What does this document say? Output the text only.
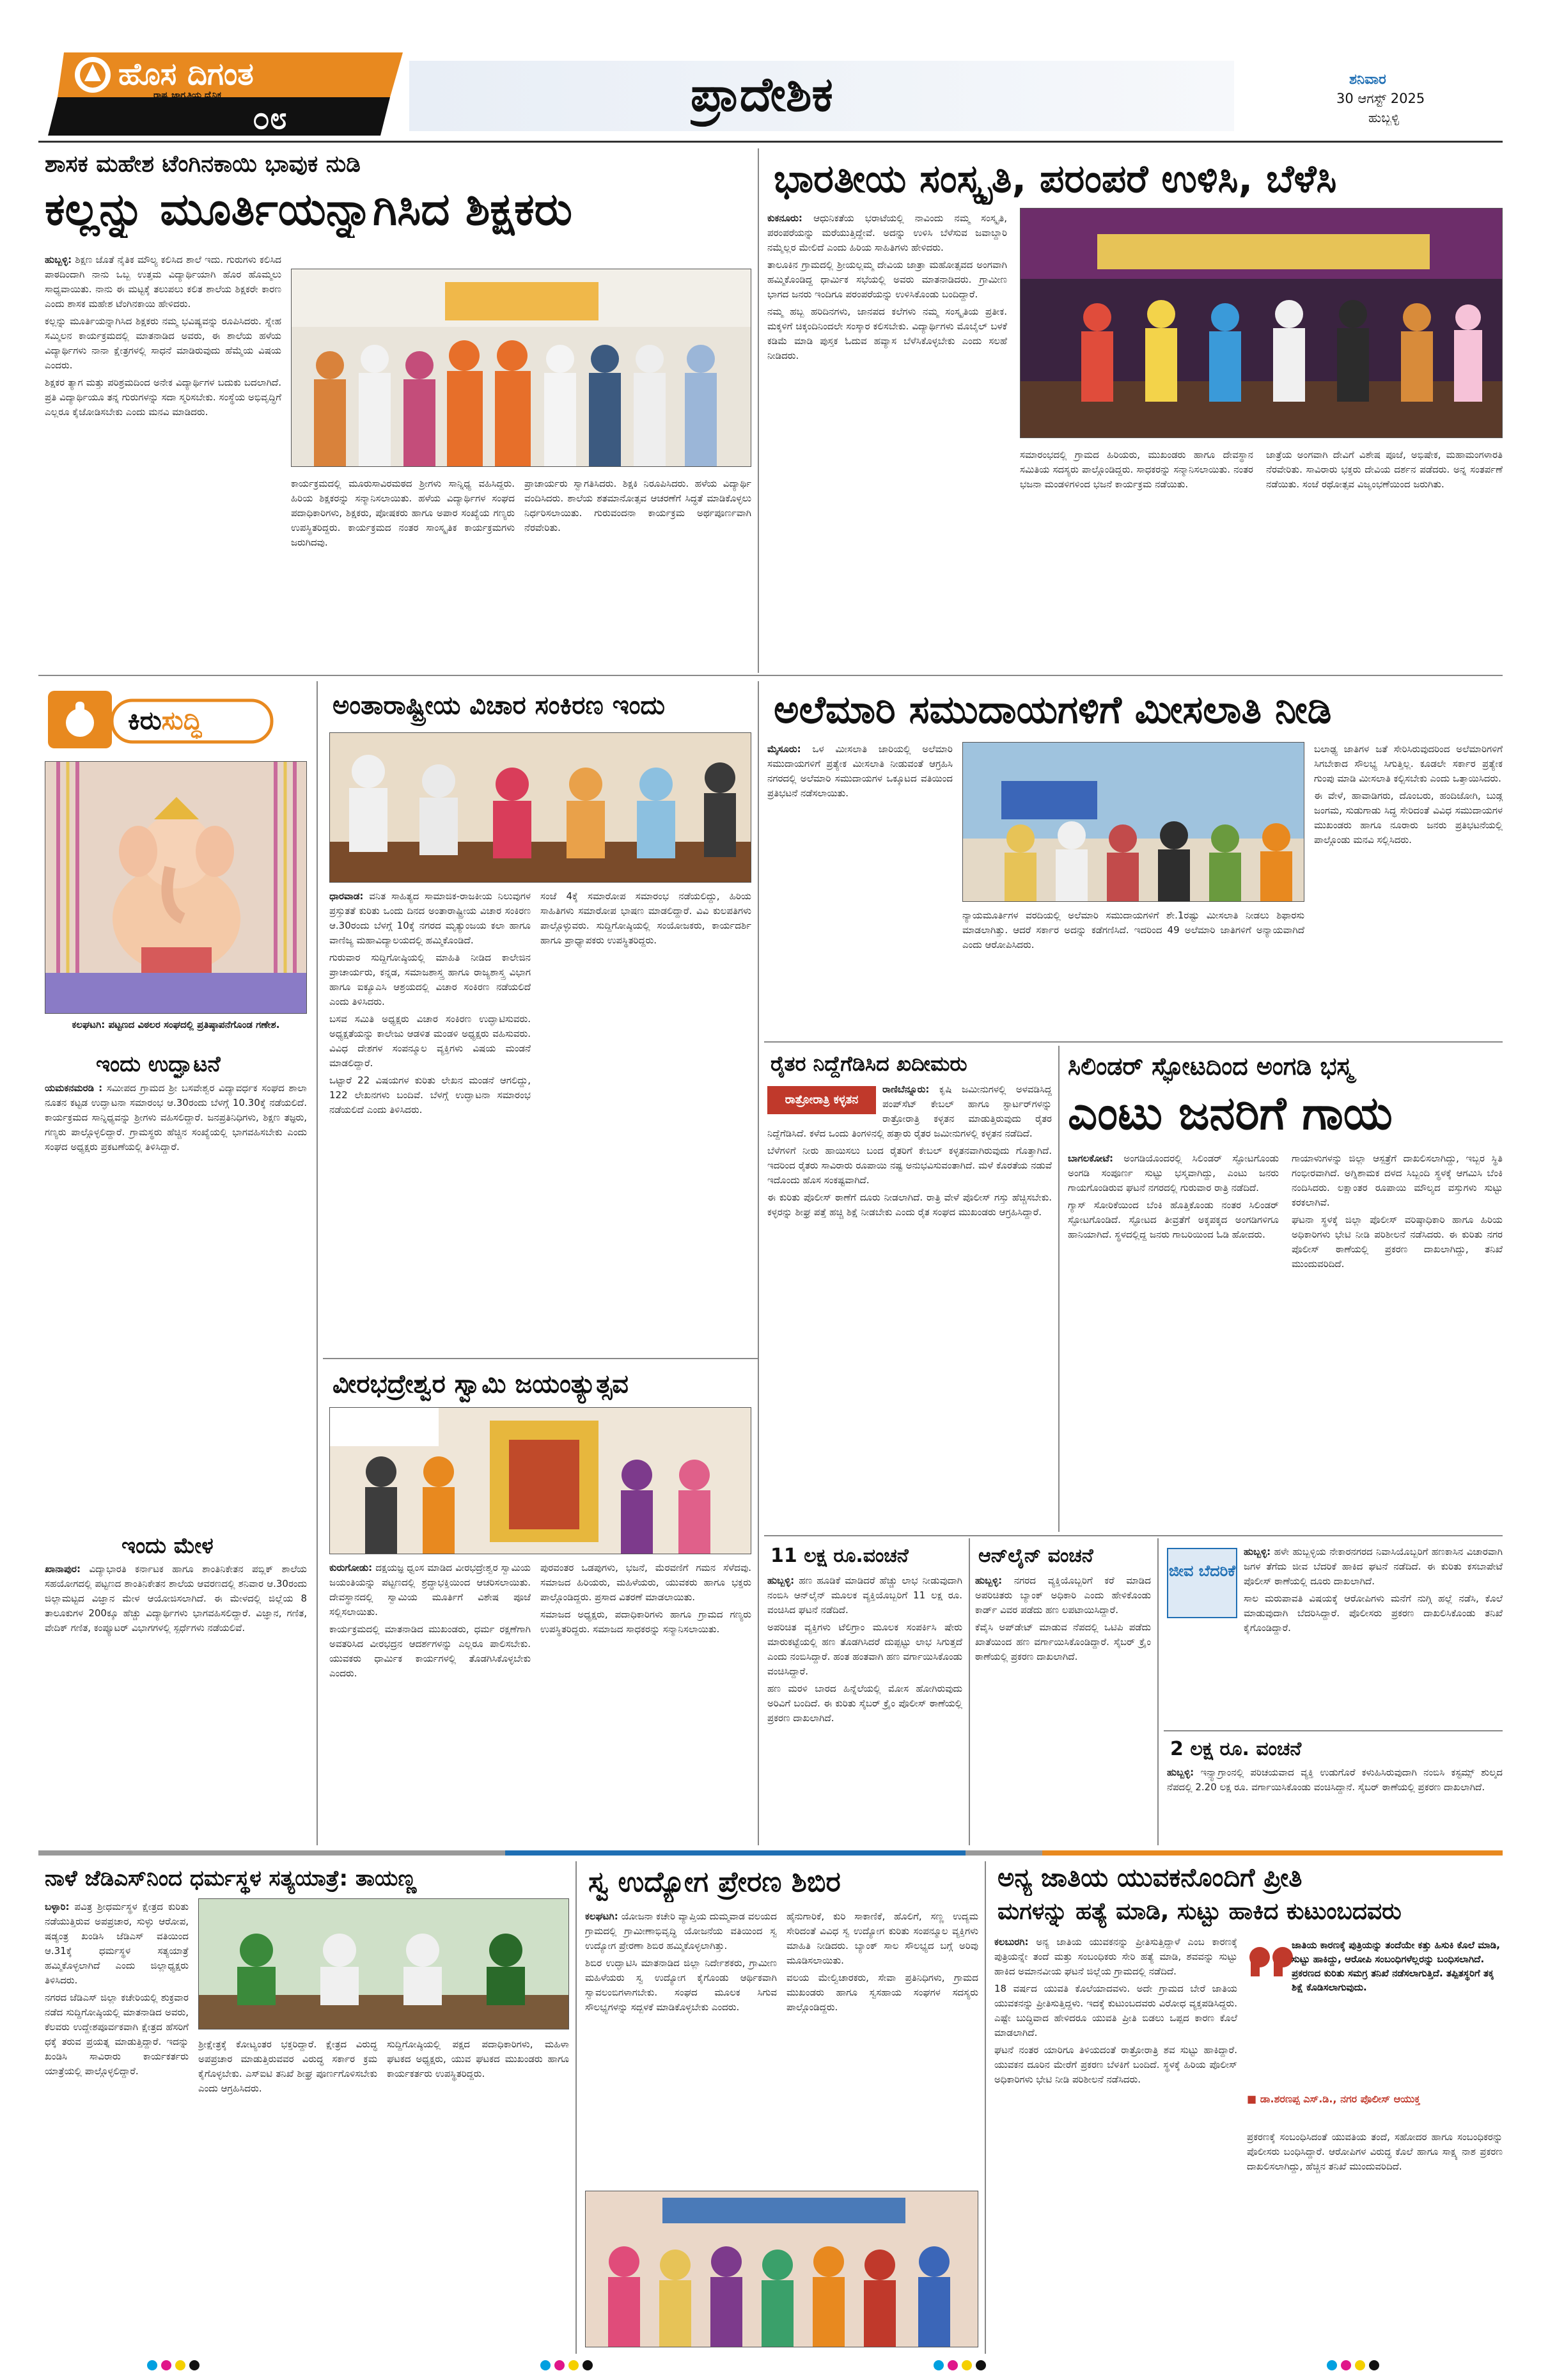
ಹೊಸ ದಿಗಂತ
ರಾಷ್ಟ್ರ ಜಾಗೃತಿಯ ದೈನಿಕ
೦೮	ಪ್ರಾದೇಶಿಕ	ಶನಿವಾರ
30 ಆಗಸ್ಟ್ 2025
ಹುಬ್ಬಳ್ಳಿ
ಶಾಸಕ ಮಹೇಶ ಟೆಂಗಿನಕಾಯಿ ಭಾವುಕ ನುಡಿ
ಕಲ್ಲನ್ನು ಮೂರ್ತಿಯನ್ನಾಗಿಸಿದ ಶಿಕ್ಷಕರು

ಹುಬ್ಬಳ್ಳಿ: ಶಿಕ್ಷಣ ಜೊತೆ ನೈತಿಕ ಮೌಲ್ಯ ಕಲಿಸಿದ ಶಾಲೆ ಇದು. ಗುರುಗಳು ಕಲಿಸಿದ ಪಾಠದಿಂದಾಗಿ ನಾನು ಒಬ್ಬ ಉತ್ತಮ ವಿದ್ಯಾರ್ಥಿಯಾಗಿ ಹೊರ ಹೊಮ್ಮಲು ಸಾಧ್ಯವಾಯಿತು. ನಾನು ಈ ಮಟ್ಟಕ್ಕೆ ತಲುಪಲು ಕಲಿತ ಶಾಲೆಯ ಶಿಕ್ಷಕರೇ ಕಾರಣ ಎಂದು ಶಾಸಕ ಮಹೇಶ ಟೆಂಗಿನಕಾಯಿ ಹೇಳಿದರು.

ಕಲ್ಲನ್ನು ಮೂರ್ತಿಯನ್ನಾಗಿಸಿದ ಶಿಕ್ಷಕರು ನಮ್ಮ ಭವಿಷ್ಯವನ್ನು ರೂಪಿಸಿದರು. ಸ್ನೇಹ ಸಮ್ಮಿಲನ ಕಾರ್ಯಕ್ರಮದಲ್ಲಿ ಮಾತನಾಡಿದ ಅವರು, ಈ ಶಾಲೆಯ ಹಳೆಯ ವಿದ್ಯಾರ್ಥಿಗಳು ನಾನಾ ಕ್ಷೇತ್ರಗಳಲ್ಲಿ ಸಾಧನೆ ಮಾಡಿರುವುದು ಹೆಮ್ಮೆಯ ವಿಷಯ ಎಂದರು.

ಶಿಕ್ಷಕರ ತ್ಯಾಗ ಮತ್ತು ಪರಿಶ್ರಮದಿಂದ ಅನೇಕ ವಿದ್ಯಾರ್ಥಿಗಳ ಬದುಕು ಬದಲಾಗಿದೆ. ಪ್ರತಿ ವಿದ್ಯಾರ್ಥಿಯೂ ತನ್ನ ಗುರುಗಳನ್ನು ಸದಾ ಸ್ಮರಿಸಬೇಕು. ಸಂಸ್ಥೆಯ ಅಭಿವೃದ್ಧಿಗೆ ಎಲ್ಲರೂ ಕೈಜೋಡಿಸಬೇಕು ಎಂದು ಮನವಿ ಮಾಡಿದರು.

ಕಾರ್ಯಕ್ರಮದಲ್ಲಿ ಮೂರುಸಾವಿರಮಠದ ಶ್ರೀಗಳು ಸಾನ್ನಿಧ್ಯ ವಹಿಸಿದ್ದರು. ಹಿರಿಯ ಶಿಕ್ಷಕರನ್ನು ಸನ್ಮಾನಿಸಲಾಯಿತು. ಹಳೆಯ ವಿದ್ಯಾರ್ಥಿಗಳ ಸಂಘದ ಪದಾಧಿಕಾರಿಗಳು, ಶಿಕ್ಷಕರು, ಪೋಷಕರು ಹಾಗೂ ಅಪಾರ ಸಂಖ್ಯೆಯ ಗಣ್ಯರು ಉಪಸ್ಥಿತರಿದ್ದರು. ಕಾರ್ಯಕ್ರಮದ ನಂತರ ಸಾಂಸ್ಕೃತಿಕ ಕಾರ್ಯಕ್ರಮಗಳು ಜರುಗಿದವು.

ಪ್ರಾಚಾರ್ಯರು ಸ್ವಾಗತಿಸಿದರು. ಶಿಕ್ಷಕಿ ನಿರೂಪಿಸಿದರು. ಹಳೆಯ ವಿದ್ಯಾರ್ಥಿ ವಂದಿಸಿದರು. ಶಾಲೆಯ ಶತಮಾನೋತ್ಸವ ಆಚರಣೆಗೆ ಸಿದ್ಧತೆ ಮಾಡಿಕೊಳ್ಳಲು ನಿರ್ಧರಿಸಲಾಯಿತು. ಗುರುವಂದನಾ ಕಾರ್ಯಕ್ರಮ ಅರ್ಥಪೂರ್ಣವಾಗಿ ನೆರವೇರಿತು.

ಭಾರತೀಯ ಸಂಸ್ಕೃತಿ, ಪರಂಪರೆ ಉಳಿಸಿ, ಬೆಳೆಸಿ

ಕುಕನೂರು: ಆಧುನಿಕತೆಯ ಭರಾಟೆಯಲ್ಲಿ ನಾವಿಂದು ನಮ್ಮ ಸಂಸ್ಕೃತಿ, ಪರಂಪರೆಯನ್ನು ಮರೆಯುತ್ತಿದ್ದೇವೆ. ಅದನ್ನು ಉಳಿಸಿ ಬೆಳೆಸುವ ಜವಾಬ್ದಾರಿ ನಮ್ಮೆಲ್ಲರ ಮೇಲಿದೆ ಎಂದು ಹಿರಿಯ ಸಾಹಿತಿಗಳು ಹೇಳಿದರು.

ತಾಲೂಕಿನ ಗ್ರಾಮದಲ್ಲಿ ಶ್ರೀಯಲ್ಲಮ್ಮ ದೇವಿಯ ಜಾತ್ರಾ ಮಹೋತ್ಸವದ ಅಂಗವಾಗಿ ಹಮ್ಮಿಕೊಂಡಿದ್ದ ಧಾರ್ಮಿಕ ಸಭೆಯಲ್ಲಿ ಅವರು ಮಾತನಾಡಿದರು. ಗ್ರಾಮೀಣ ಭಾಗದ ಜನರು ಇಂದಿಗೂ ಪರಂಪರೆಯನ್ನು ಉಳಿಸಿಕೊಂಡು ಬಂದಿದ್ದಾರೆ.

ನಮ್ಮ ಹಬ್ಬ ಹರಿದಿನಗಳು, ಜಾನಪದ ಕಲೆಗಳು ನಮ್ಮ ಸಂಸ್ಕೃತಿಯ ಪ್ರತೀಕ. ಮಕ್ಕಳಿಗೆ ಚಿಕ್ಕಂದಿನಿಂದಲೇ ಸಂಸ್ಕಾರ ಕಲಿಸಬೇಕು. ವಿದ್ಯಾರ್ಥಿಗಳು ಮೊಬೈಲ್ ಬಳಕೆ ಕಡಿಮೆ ಮಾಡಿ ಪುಸ್ತಕ ಓದುವ ಹವ್ಯಾಸ ಬೆಳೆಸಿಕೊಳ್ಳಬೇಕು ಎಂದು ಸಲಹೆ ನೀಡಿದರು.

ಸಮಾರಂಭದಲ್ಲಿ ಗ್ರಾಮದ ಹಿರಿಯರು, ಮುಖಂಡರು ಹಾಗೂ ದೇವಸ್ಥಾನ ಸಮಿತಿಯ ಸದಸ್ಯರು ಪಾಲ್ಗೊಂಡಿದ್ದರು. ಸಾಧಕರನ್ನು ಸನ್ಮಾನಿಸಲಾಯಿತು. ನಂತರ ಭಜನಾ ಮಂಡಳಿಗಳಿಂದ ಭಜನೆ ಕಾರ್ಯಕ್ರಮ ನಡೆಯಿತು.

ಜಾತ್ರೆಯ ಅಂಗವಾಗಿ ದೇವಿಗೆ ವಿಶೇಷ ಪೂಜೆ, ಅಭಿಷೇಕ, ಮಹಾಮಂಗಳಾರತಿ ನೆರವೇರಿತು. ಸಾವಿರಾರು ಭಕ್ತರು ದೇವಿಯ ದರ್ಶನ ಪಡೆದರು. ಅನ್ನ ಸಂತರ್ಪಣೆ ನಡೆಯಿತು. ಸಂಜೆ ರಥೋತ್ಸವ ವಿಜೃಂಭಣೆಯಿಂದ ಜರುಗಿತು.

ಕಿರುಸುದ್ಧಿ
ಕಲಘಟಗಿ: ಪಟ್ಟಣದ ವಿಠಲರ ಸಂಘದಲ್ಲಿ ಪ್ರತಿಷ್ಠಾಪನೆಗೊಂಡ ಗಣೇಶ.
ಇಂದು ಉದ್ಘಾಟನೆ

ಯಮಕನಮರಡಿ : ಸಮೀಪದ ಗ್ರಾಮದ ಶ್ರೀ ಬಸವೇಶ್ವರ ವಿದ್ಯಾವರ್ಧಕ ಸಂಘದ ಶಾಲಾ ನೂತನ ಕಟ್ಟಡ ಉದ್ಘಾಟನಾ ಸಮಾರಂಭ ಆ.30ರಂದು ಬೆಳಗ್ಗೆ 10.30ಕ್ಕೆ ನಡೆಯಲಿದೆ. ಕಾರ್ಯಕ್ರಮದ ಸಾನ್ನಿಧ್ಯವನ್ನು ಶ್ರೀಗಳು ವಹಿಸಲಿದ್ದಾರೆ. ಜನಪ್ರತಿನಿಧಿಗಳು, ಶಿಕ್ಷಣ ತಜ್ಞರು, ಗಣ್ಯರು ಪಾಲ್ಗೊಳ್ಳಲಿದ್ದಾರೆ. ಗ್ರಾಮಸ್ಥರು ಹೆಚ್ಚಿನ ಸಂಖ್ಯೆಯಲ್ಲಿ ಭಾಗವಹಿಸಬೇಕು ಎಂದು ಸಂಘದ ಅಧ್ಯಕ್ಷರು ಪ್ರಕಟಣೆಯಲ್ಲಿ ತಿಳಿಸಿದ್ದಾರೆ.

ಇಂದು ಮೇಳ

ಖಾನಾಪುರ: ವಿದ್ಯಾಭಾರತಿ ಕರ್ನಾಟಕ ಹಾಗೂ ಶಾಂತಿನಿಕೇತನ ಪಬ್ಲಿಕ್ ಶಾಲೆಯ ಸಹಯೋಗದಲ್ಲಿ ಪಟ್ಟಣದ ಶಾಂತಿನಿಕೇತನ ಶಾಲೆಯ ಆವರಣದಲ್ಲಿ ಶನಿವಾರ ಆ.30ರಂದು ಜಿಲ್ಲಾಮಟ್ಟದ ವಿಜ್ಞಾನ ಮೇಳ ಆಯೋಜಿಸಲಾಗಿದೆ. ಈ ಮೇಳದಲ್ಲಿ ಜಿಲ್ಲೆಯ 8 ತಾಲೂಕುಗಳ 200ಕ್ಕೂ ಹೆಚ್ಚು ವಿದ್ಯಾರ್ಥಿಗಳು ಭಾಗವಹಿಸಲಿದ್ದಾರೆ. ವಿಜ್ಞಾನ, ಗಣಿತ, ವೇದಿಕ್ ಗಣಿತ, ಕಂಪ್ಯೂಟರ್ ವಿಭಾಗಗಳಲ್ಲಿ ಸ್ಪರ್ಧೆಗಳು ನಡೆಯಲಿವೆ.

ಅಂತಾರಾಷ್ಟ್ರೀಯ ವಿಚಾರ ಸಂಕಿರಣ ಇಂದು

ಧಾರವಾಡ: ವನಿತ ಸಾಹಿತ್ಯದ ಸಾಮಾಜಿಕ-ರಾಜಕೀಯ ನಿಲುವುಗಳ ಪ್ರಸ್ತುತತೆ ಕುರಿತು ಒಂದು ದಿನದ ಅಂತಾರಾಷ್ಟ್ರೀಯ ವಿಚಾರ ಸಂಕಿರಣ ಆ.30ರಂದು ಬೆಳಗ್ಗೆ 10ಕ್ಕೆ ನಗರದ ಮೃತ್ಯುಂಜಯ ಕಲಾ ಹಾಗೂ ವಾಣಿಜ್ಯ ಮಹಾವಿದ್ಯಾಲಯದಲ್ಲಿ ಹಮ್ಮಿಕೊಂಡಿದೆ.

ಗುರುವಾರ ಸುದ್ದಿಗೋಷ್ಠಿಯಲ್ಲಿ ಮಾಹಿತಿ ನೀಡಿದ ಕಾಲೇಜಿನ ಪ್ರಾಚಾರ್ಯರು, ಕನ್ನಡ, ಸಮಾಜಶಾಸ್ತ್ರ ಹಾಗೂ ರಾಜ್ಯಶಾಸ್ತ್ರ ವಿಭಾಗ ಹಾಗೂ ಐಕ್ಯೂಎಸಿ ಆಶ್ರಯದಲ್ಲಿ ವಿಚಾರ ಸಂಕಿರಣ ನಡೆಯಲಿದೆ ಎಂದು ತಿಳಿಸಿದರು.

ಬಸವ ಸಮಿತಿ ಅಧ್ಯಕ್ಷರು ವಿಚಾರ ಸಂಕಿರಣ ಉದ್ಘಾಟಿಸುವರು. ಅಧ್ಯಕ್ಷತೆಯನ್ನು ಕಾಲೇಜು ಆಡಳಿತ ಮಂಡಳಿ ಅಧ್ಯಕ್ಷರು ವಹಿಸುವರು. ವಿವಿಧ ದೇಶಗಳ ಸಂಪನ್ಮೂಲ ವ್ಯಕ್ತಿಗಳು ವಿಷಯ ಮಂಡನೆ ಮಾಡಲಿದ್ದಾರೆ.

ಒಟ್ಟಾರೆ 22 ವಿಷಯಗಳ ಕುರಿತು ಲೇಖನ ಮಂಡನೆ ಆಗಲಿದ್ದು, 122 ಲೇಖನಗಳು ಬಂದಿವೆ. ಬೆಳಗ್ಗೆ ಉದ್ಘಾಟನಾ ಸಮಾರಂಭ ನಡೆಯಲಿದೆ ಎಂದು ತಿಳಿಸಿದರು.

ಸಂಜೆ 4ಕ್ಕೆ ಸಮಾರೋಪ ಸಮಾರಂಭ ನಡೆಯಲಿದ್ದು, ಹಿರಿಯ ಸಾಹಿತಿಗಳು ಸಮಾರೋಪ ಭಾಷಣ ಮಾಡಲಿದ್ದಾರೆ. ವಿವಿ ಕುಲಪತಿಗಳು ಪಾಲ್ಗೊಳ್ಳುವರು. ಸುದ್ದಿಗೋಷ್ಠಿಯಲ್ಲಿ ಸಂಯೋಜಕರು, ಕಾರ್ಯದರ್ಶಿ ಹಾಗೂ ಪ್ರಾಧ್ಯಾಪಕರು ಉಪಸ್ಥಿತರಿದ್ದರು.

ವೀರಭದ್ರೇಶ್ವರ ಸ್ವಾಮಿ ಜಯಂತ್ಯುತ್ಸವ

ಕುರುಗೋಡು: ದಕ್ಷಯಜ್ಞ ಧ್ವಂಸ ಮಾಡಿದ ವೀರಭದ್ರೇಶ್ವರ ಸ್ವಾಮಿಯ ಜಯಂತಿಯನ್ನು ಪಟ್ಟಣದಲ್ಲಿ ಶ್ರದ್ಧಾಭಕ್ತಿಯಿಂದ ಆಚರಿಸಲಾಯಿತು. ದೇವಸ್ಥಾನದಲ್ಲಿ ಸ್ವಾಮಿಯ ಮೂರ್ತಿಗೆ ವಿಶೇಷ ಪೂಜೆ ಸಲ್ಲಿಸಲಾಯಿತು.

ಕಾರ್ಯಕ್ರಮದಲ್ಲಿ ಮಾತನಾಡಿದ ಮುಖಂಡರು, ಧರ್ಮ ರಕ್ಷಣೆಗಾಗಿ ಅವತರಿಸಿದ ವೀರಭದ್ರನ ಆದರ್ಶಗಳನ್ನು ಎಲ್ಲರೂ ಪಾಲಿಸಬೇಕು. ಯುವಕರು ಧಾರ್ಮಿಕ ಕಾರ್ಯಗಳಲ್ಲಿ ತೊಡಗಿಸಿಕೊಳ್ಳಬೇಕು ಎಂದರು.

ಪುರವಂತರ ಒಡಪುಗಳು, ಭಜನೆ, ಮೆರವಣಿಗೆ ಗಮನ ಸೆಳೆದವು. ಸಮಾಜದ ಹಿರಿಯರು, ಮಹಿಳೆಯರು, ಯುವಕರು ಹಾಗೂ ಭಕ್ತರು ಪಾಲ್ಗೊಂಡಿದ್ದರು. ಪ್ರಸಾದ ವಿತರಣೆ ಮಾಡಲಾಯಿತು.

ಸಮಾಜದ ಅಧ್ಯಕ್ಷರು, ಪದಾಧಿಕಾರಿಗಳು ಹಾಗೂ ಗ್ರಾಮದ ಗಣ್ಯರು ಉಪಸ್ಥಿತರಿದ್ದರು. ಸಮಾಜದ ಸಾಧಕರನ್ನು ಸನ್ಮಾನಿಸಲಾಯಿತು.

ಅಲೆಮಾರಿ ಸಮುದಾಯಗಳಿಗೆ ಮೀಸಲಾತಿ ನೀಡಿ

ಮೈಸೂರು: ಒಳ ಮೀಸಲಾತಿ ಜಾರಿಯಲ್ಲಿ ಅಲೆಮಾರಿ ಸಮುದಾಯಗಳಿಗೆ ಪ್ರತ್ಯೇಕ ಮೀಸಲಾತಿ ನೀಡುವಂತೆ ಆಗ್ರಹಿಸಿ ನಗರದಲ್ಲಿ ಅಲೆಮಾರಿ ಸಮುದಾಯಗಳ ಒಕ್ಕೂಟದ ವತಿಯಿಂದ ಪ್ರತಿಭಟನೆ ನಡೆಸಲಾಯಿತು.

ನ್ಯಾಯಮೂರ್ತಿಗಳ ವರದಿಯಲ್ಲಿ ಅಲೆಮಾರಿ ಸಮುದಾಯಗಳಿಗೆ ಶೇ.1ರಷ್ಟು ಮೀಸಲಾತಿ ನೀಡಲು ಶಿಫಾರಸು ಮಾಡಲಾಗಿತ್ತು. ಆದರೆ ಸರ್ಕಾರ ಅದನ್ನು ಕಡೆಗಣಿಸಿದೆ. ಇದರಿಂದ 49 ಅಲೆಮಾರಿ ಜಾತಿಗಳಿಗೆ ಅನ್ಯಾಯವಾಗಿದೆ ಎಂದು ಆರೋಪಿಸಿದರು.

ಬಲಾಢ್ಯ ಜಾತಿಗಳ ಜತೆ ಸೇರಿಸಿರುವುದರಿಂದ ಅಲೆಮಾರಿಗಳಿಗೆ ಸಿಗಬೇಕಾದ ಸೌಲಭ್ಯ ಸಿಗುತ್ತಿಲ್ಲ. ಕೂಡಲೇ ಸರ್ಕಾರ ಪ್ರತ್ಯೇಕ ಗುಂಪು ಮಾಡಿ ಮೀಸಲಾತಿ ಕಲ್ಪಿಸಬೇಕು ಎಂದು ಒತ್ತಾಯಿಸಿದರು.

ಈ ವೇಳೆ, ಹಾವಾಡಿಗರು, ದೊಂಬರು, ಹಂದಿಜೋಗಿ, ಬುಡ್ಗ ಜಂಗಮ, ಸುಡುಗಾಡು ಸಿದ್ಧ ಸೇರಿದಂತೆ ವಿವಿಧ ಸಮುದಾಯಗಳ ಮುಖಂಡರು ಹಾಗೂ ನೂರಾರು ಜನರು ಪ್ರತಿಭಟನೆಯಲ್ಲಿ ಪಾಲ್ಗೊಂಡು ಮನವಿ ಸಲ್ಲಿಸಿದರು.

ರೈತರ ನಿದ್ದೆಗೆಡಿಸಿದ ಖದೀಮರು
ರಾತ್ರೋರಾತ್ರಿ ಕಳ್ಳತನ

ರಾಣಿಬೆನ್ನೂರು: ಕೃಷಿ ಜಮೀನುಗಳಲ್ಲಿ ಅಳವಡಿಸಿದ್ದ ಪಂಪ್‌ಸೆಟ್ ಕೇಬಲ್ ಹಾಗೂ ಸ್ಟಾರ್ಟರ್‌ಗಳನ್ನು ರಾತ್ರೋರಾತ್ರಿ ಕಳ್ಳತನ ಮಾಡುತ್ತಿರುವುದು ರೈತರ ನಿದ್ದೆಗೆಡಿಸಿದೆ. ಕಳೆದ ಒಂದು ತಿಂಗಳಿನಲ್ಲಿ ಹತ್ತಾರು ರೈತರ ಜಮೀನುಗಳಲ್ಲಿ ಕಳ್ಳತನ ನಡೆದಿದೆ.

ಬೆಳೆಗಳಿಗೆ ನೀರು ಹಾಯಿಸಲು ಬಂದ ರೈತರಿಗೆ ಕೇಬಲ್ ಕಳ್ಳತನವಾಗಿರುವುದು ಗೊತ್ತಾಗಿದೆ. ಇದರಿಂದ ರೈತರು ಸಾವಿರಾರು ರೂಪಾಯಿ ನಷ್ಟ ಅನುಭವಿಸುವಂತಾಗಿದೆ. ಮಳೆ ಕೊರತೆಯ ನಡುವೆ ಇದೊಂದು ಹೊಸ ಸಂಕಷ್ಟವಾಗಿದೆ.

ಈ ಕುರಿತು ಪೊಲೀಸ್ ಠಾಣೆಗೆ ದೂರು ನೀಡಲಾಗಿದೆ. ರಾತ್ರಿ ವೇಳೆ ಪೊಲೀಸ್ ಗಸ್ತು ಹೆಚ್ಚಿಸಬೇಕು. ಕಳ್ಳರನ್ನು ಶೀಘ್ರ ಪತ್ತೆ ಹಚ್ಚಿ ಶಿಕ್ಷೆ ನೀಡಬೇಕು ಎಂದು ರೈತ ಸಂಘದ ಮುಖಂಡರು ಆಗ್ರಹಿಸಿದ್ದಾರೆ.

ಸಿಲಿಂಡರ್ ಸ್ಫೋಟದಿಂದ ಅಂಗಡಿ ಭಸ್ಮ
ಎಂಟು ಜನರಿಗೆ ಗಾಯ

ಬಾಗಲಕೋಟೆ: ಅಂಗಡಿಯೊಂದರಲ್ಲಿ ಸಿಲಿಂಡರ್ ಸ್ಫೋಟಗೊಂಡು ಅಂಗಡಿ ಸಂಪೂರ್ಣ ಸುಟ್ಟು ಭಸ್ಮವಾಗಿದ್ದು, ಎಂಟು ಜನರು ಗಾಯಗೊಂಡಿರುವ ಘಟನೆ ನಗರದಲ್ಲಿ ಗುರುವಾರ ರಾತ್ರಿ ನಡೆದಿದೆ.

ಗ್ಯಾಸ್ ಸೋರಿಕೆಯಿಂದ ಬೆಂಕಿ ಹೊತ್ತಿಕೊಂಡು ನಂತರ ಸಿಲಿಂಡರ್ ಸ್ಫೋಟಗೊಂಡಿದೆ. ಸ್ಫೋಟದ ತೀವ್ರತೆಗೆ ಅಕ್ಕಪಕ್ಕದ ಅಂಗಡಿಗಳಿಗೂ ಹಾನಿಯಾಗಿದೆ. ಸ್ಥಳದಲ್ಲಿದ್ದ ಜನರು ಗಾಬರಿಯಿಂದ ಓಡಿ ಹೋದರು.

ಗಾಯಾಳುಗಳನ್ನು ಜಿಲ್ಲಾ ಆಸ್ಪತ್ರೆಗೆ ದಾಖಲಿಸಲಾಗಿದ್ದು, ಇಬ್ಬರ ಸ್ಥಿತಿ ಗಂಭೀರವಾಗಿದೆ. ಅಗ್ನಿಶಾಮಕ ದಳದ ಸಿಬ್ಬಂದಿ ಸ್ಥಳಕ್ಕೆ ಆಗಮಿಸಿ ಬೆಂಕಿ ನಂದಿಸಿದರು. ಲಕ್ಷಾಂತರ ರೂಪಾಯಿ ಮೌಲ್ಯದ ವಸ್ತುಗಳು ಸುಟ್ಟು ಕರಕಲಾಗಿವೆ.

ಘಟನಾ ಸ್ಥಳಕ್ಕೆ ಜಿಲ್ಲಾ ಪೊಲೀಸ್ ವರಿಷ್ಠಾಧಿಕಾರಿ ಹಾಗೂ ಹಿರಿಯ ಅಧಿಕಾರಿಗಳು ಭೇಟಿ ನೀಡಿ ಪರಿಶೀಲನೆ ನಡೆಸಿದರು. ಈ ಕುರಿತು ನಗರ ಪೊಲೀಸ್ ಠಾಣೆಯಲ್ಲಿ ಪ್ರಕರಣ ದಾಖಲಾಗಿದ್ದು, ತನಿಖೆ ಮುಂದುವರಿದಿದೆ.

11 ಲಕ್ಷ ರೂ.ವಂಚನೆ

ಹುಬ್ಬಳ್ಳಿ: ಹಣ ಹೂಡಿಕೆ ಮಾಡಿದರೆ ಹೆಚ್ಚು ಲಾಭ ನೀಡುವುದಾಗಿ ನಂಬಿಸಿ ಆನ್‌ಲೈನ್ ಮೂಲಕ ವ್ಯಕ್ತಿಯೊಬ್ಬರಿಗೆ 11 ಲಕ್ಷ ರೂ. ವಂಚಿಸಿದ ಘಟನೆ ನಡೆದಿದೆ.

ಅಪರಿಚಿತ ವ್ಯಕ್ತಿಗಳು ಟೆಲಿಗ್ರಾಂ ಮೂಲಕ ಸಂಪರ್ಕಿಸಿ ಷೇರು ಮಾರುಕಟ್ಟೆಯಲ್ಲಿ ಹಣ ತೊಡಗಿಸಿದರೆ ದುಪ್ಪಟ್ಟು ಲಾಭ ಸಿಗುತ್ತದೆ ಎಂದು ನಂಬಿಸಿದ್ದಾರೆ. ಹಂತ ಹಂತವಾಗಿ ಹಣ ವರ್ಗಾಯಿಸಿಕೊಂಡು ವಂಚಿಸಿದ್ದಾರೆ.

ಹಣ ಮರಳಿ ಬಾರದ ಹಿನ್ನೆಲೆಯಲ್ಲಿ ಮೋಸ ಹೋಗಿರುವುದು ಅರಿವಿಗೆ ಬಂದಿದೆ. ಈ ಕುರಿತು ಸೈಬರ್ ಕ್ರೈಂ ಪೊಲೀಸ್ ಠಾಣೆಯಲ್ಲಿ ಪ್ರಕರಣ ದಾಖಲಾಗಿದೆ.

ಆನ್‌ಲೈನ್ ವಂಚನೆ

ಹುಬ್ಬಳ್ಳಿ: ನಗರದ ವ್ಯಕ್ತಿಯೊಬ್ಬರಿಗೆ ಕರೆ ಮಾಡಿದ ಅಪರಿಚಿತರು ಬ್ಯಾಂಕ್ ಅಧಿಕಾರಿ ಎಂದು ಹೇಳಿಕೊಂಡು ಕಾರ್ಡ್ ವಿವರ ಪಡೆದು ಹಣ ಲಪಟಾಯಿಸಿದ್ದಾರೆ.

ಕೆವೈಸಿ ಅಪ್‌ಡೇಟ್ ಮಾಡುವ ನೆಪದಲ್ಲಿ ಒಟಿಪಿ ಪಡೆದು ಖಾತೆಯಿಂದ ಹಣ ವರ್ಗಾಯಿಸಿಕೊಂಡಿದ್ದಾರೆ. ಸೈಬರ್ ಕ್ರೈಂ ಠಾಣೆಯಲ್ಲಿ ಪ್ರಕರಣ ದಾಖಲಾಗಿದೆ.

ಜೀವ ಬೆದರಿಕೆ

ಹುಬ್ಬಳ್ಳಿ: ಹಳೇ ಹುಬ್ಬಳ್ಳಿಯ ನೇಕಾರನಗರದ ನಿವಾಸಿಯೊಬ್ಬರಿಗೆ ಹಣಕಾಸಿನ ವಿಚಾರವಾಗಿ ಜಗಳ ತೆಗೆದು ಜೀವ ಬೆದರಿಕೆ ಹಾಕಿದ ಘಟನೆ ನಡೆದಿದೆ. ಈ ಕುರಿತು ಕಸಬಾಪೇಟೆ ಪೊಲೀಸ್ ಠಾಣೆಯಲ್ಲಿ ದೂರು ದಾಖಲಾಗಿದೆ.

ಸಾಲ ಮರುಪಾವತಿ ವಿಷಯಕ್ಕೆ ಆರೋಪಿಗಳು ಮನೆಗೆ ನುಗ್ಗಿ ಹಲ್ಲೆ ನಡೆಸಿ, ಕೊಲೆ ಮಾಡುವುದಾಗಿ ಬೆದರಿಸಿದ್ದಾರೆ. ಪೊಲೀಸರು ಪ್ರಕರಣ ದಾಖಲಿಸಿಕೊಂಡು ತನಿಖೆ ಕೈಗೊಂಡಿದ್ದಾರೆ.

2 ಲಕ್ಷ ರೂ. ವಂಚನೆ

ಹುಬ್ಬಳ್ಳಿ: ಇನ್ಸ್ಟಾಗ್ರಾಂನಲ್ಲಿ ಪರಿಚಯವಾದ ವ್ಯಕ್ತಿ ಉಡುಗೊರೆ ಕಳುಹಿಸಿರುವುದಾಗಿ ನಂಬಿಸಿ ಕಸ್ಟಮ್ಸ್ ಶುಲ್ಕದ ನೆಪದಲ್ಲಿ 2.20 ಲಕ್ಷ ರೂ. ವರ್ಗಾಯಿಸಿಕೊಂಡು ವಂಚಿಸಿದ್ದಾನೆ. ಸೈಬರ್ ಠಾಣೆಯಲ್ಲಿ ಪ್ರಕರಣ ದಾಖಲಾಗಿದೆ.

ನಾಳೆ ಜೆಡಿಎಸ್‌ನಿಂದ ಧರ್ಮಸ್ಥಳ ಸತ್ಯಯಾತ್ರೆ: ತಾಯಣ್ಣ

ಬಳ್ಳಾರಿ: ಪವಿತ್ರ ಶ್ರೀಧರ್ಮಸ್ಥಳ ಕ್ಷೇತ್ರದ ಕುರಿತು ನಡೆಯುತ್ತಿರುವ ಅಪಪ್ರಚಾರ, ಸುಳ್ಳು ಆರೋಪ, ಷಡ್ಯಂತ್ರ ಖಂಡಿಸಿ ಜೆಡಿಎಸ್ ವತಿಯಿಂದ ಆ.31ಕ್ಕೆ ಧರ್ಮಸ್ಥಳ ಸತ್ಯಯಾತ್ರೆ ಹಮ್ಮಿಕೊಳ್ಳಲಾಗಿದೆ ಎಂದು ಜಿಲ್ಲಾಧ್ಯಕ್ಷರು ತಿಳಿಸಿದರು.

ನಗರದ ಜೆಡಿಎಸ್ ಜಿಲ್ಲಾ ಕಚೇರಿಯಲ್ಲಿ ಶುಕ್ರವಾರ ನಡೆದ ಸುದ್ದಿಗೋಷ್ಠಿಯಲ್ಲಿ ಮಾತನಾಡಿದ ಅವರು, ಕೆಲವರು ಉದ್ದೇಶಪೂರ್ವಕವಾಗಿ ಕ್ಷೇತ್ರದ ಹೆಸರಿಗೆ ಧಕ್ಕೆ ತರುವ ಪ್ರಯತ್ನ ಮಾಡುತ್ತಿದ್ದಾರೆ. ಇದನ್ನು ಖಂಡಿಸಿ ಸಾವಿರಾರು ಕಾರ್ಯಕರ್ತರು ಯಾತ್ರೆಯಲ್ಲಿ ಪಾಲ್ಗೊಳ್ಳಲಿದ್ದಾರೆ.

ಶ್ರೀಕ್ಷೇತ್ರಕ್ಕೆ ಕೋಟ್ಯಂತರ ಭಕ್ತರಿದ್ದಾರೆ. ಕ್ಷೇತ್ರದ ವಿರುದ್ಧ ಅಪಪ್ರಚಾರ ಮಾಡುತ್ತಿರುವವರ ವಿರುದ್ಧ ಸರ್ಕಾರ ಕ್ರಮ ಕೈಗೊಳ್ಳಬೇಕು. ಎಸ್‌ಐಟಿ ತನಿಖೆ ಶೀಘ್ರ ಪೂರ್ಣಗೊಳಿಸಬೇಕು ಎಂದು ಆಗ್ರಹಿಸಿದರು.

ಸುದ್ದಿಗೋಷ್ಠಿಯಲ್ಲಿ ಪಕ್ಷದ ಪದಾಧಿಕಾರಿಗಳು, ಮಹಿಳಾ ಘಟಕದ ಅಧ್ಯಕ್ಷರು, ಯುವ ಘಟಕದ ಮುಖಂಡರು ಹಾಗೂ ಕಾರ್ಯಕರ್ತರು ಉಪಸ್ಥಿತರಿದ್ದರು.

ಸ್ವ ಉದ್ಯೋಗ ಪ್ರೇರಣ ಶಿಬಿರ

ಕಲಘಟಗಿ: ಯೋಜನಾ ಕಚೇರಿ ವ್ಯಾಪ್ತಿಯ ದುಮ್ಮವಾಡ ವಲಯದ ಗ್ರಾಮದಲ್ಲಿ ಗ್ರಾಮೀಣಾಭಿವೃದ್ಧಿ ಯೋಜನೆಯ ವತಿಯಿಂದ ಸ್ವ ಉದ್ಯೋಗ ಪ್ರೇರಣಾ ಶಿಬಿರ ಹಮ್ಮಿಕೊಳ್ಳಲಾಗಿತ್ತು.

ಶಿಬಿರ ಉದ್ಘಾಟಿಸಿ ಮಾತನಾಡಿದ ಜಿಲ್ಲಾ ನಿರ್ದೇಶಕರು, ಗ್ರಾಮೀಣ ಮಹಿಳೆಯರು ಸ್ವ ಉದ್ಯೋಗ ಕೈಗೊಂಡು ಆರ್ಥಿಕವಾಗಿ ಸ್ವಾವಲಂಬಿಗಳಾಗಬೇಕು. ಸಂಘದ ಮೂಲಕ ಸಿಗುವ ಸೌಲಭ್ಯಗಳನ್ನು ಸದ್ಬಳಕೆ ಮಾಡಿಕೊಳ್ಳಬೇಕು ಎಂದರು.

ಹೈನುಗಾರಿಕೆ, ಕುರಿ ಸಾಕಾಣಿಕೆ, ಹೊಲಿಗೆ, ಸಣ್ಣ ಉದ್ಯಮ ಸೇರಿದಂತೆ ವಿವಿಧ ಸ್ವ ಉದ್ಯೋಗ ಕುರಿತು ಸಂಪನ್ಮೂಲ ವ್ಯಕ್ತಿಗಳು ಮಾಹಿತಿ ನೀಡಿದರು. ಬ್ಯಾಂಕ್ ಸಾಲ ಸೌಲಭ್ಯದ ಬಗ್ಗೆ ಅರಿವು ಮೂಡಿಸಲಾಯಿತು.

ವಲಯ ಮೇಲ್ವಿಚಾರಕರು, ಸೇವಾ ಪ್ರತಿನಿಧಿಗಳು, ಗ್ರಾಮದ ಮುಖಂಡರು ಹಾಗೂ ಸ್ವಸಹಾಯ ಸಂಘಗಳ ಸದಸ್ಯರು ಪಾಲ್ಗೊಂಡಿದ್ದರು.

ಅನ್ಯ ಜಾತಿಯ ಯುವಕನೊಂದಿಗೆ ಪ್ರೀತಿ
ಮಗಳನ್ನು ಹತ್ಯೆ ಮಾಡಿ, ಸುಟ್ಟು ಹಾಕಿದ ಕುಟುಂಬದವರು

ಕಲಬುರಗಿ: ಅನ್ಯ ಜಾತಿಯ ಯುವಕನನ್ನು ಪ್ರೀತಿಸುತ್ತಿದ್ದಾಳೆ ಎಂಬ ಕಾರಣಕ್ಕೆ ಪುತ್ರಿಯನ್ನೇ ತಂದೆ ಮತ್ತು ಸಂಬಂಧಿಕರು ಸೇರಿ ಹತ್ಯೆ ಮಾಡಿ, ಶವವನ್ನು ಸುಟ್ಟು ಹಾಕಿದ ಅಮಾನವೀಯ ಘಟನೆ ಜಿಲ್ಲೆಯ ಗ್ರಾಮದಲ್ಲಿ ನಡೆದಿದೆ.

18 ವರ್ಷದ ಯುವತಿ ಕೊಲೆಯಾದವಳು. ಅದೇ ಗ್ರಾಮದ ಬೇರೆ ಜಾತಿಯ ಯುವಕನನ್ನು ಪ್ರೀತಿಸುತ್ತಿದ್ದಳು. ಇದಕ್ಕೆ ಕುಟುಂಬದವರು ವಿರೋಧ ವ್ಯಕ್ತಪಡಿಸಿದ್ದರು. ಎಷ್ಟೇ ಬುದ್ಧಿವಾದ ಹೇಳಿದರೂ ಯುವತಿ ಪ್ರೀತಿ ಬಿಡಲು ಒಪ್ಪದ ಕಾರಣ ಕೊಲೆ ಮಾಡಲಾಗಿದೆ.

ಘಟನೆ ನಂತರ ಯಾರಿಗೂ ತಿಳಿಯದಂತೆ ರಾತ್ರೋರಾತ್ರಿ ಶವ ಸುಟ್ಟು ಹಾಕಿದ್ದಾರೆ. ಯುವಕನ ದೂರಿನ ಮೇರೆಗೆ ಪ್ರಕರಣ ಬೆಳಕಿಗೆ ಬಂದಿದೆ. ಸ್ಥಳಕ್ಕೆ ಹಿರಿಯ ಪೊಲೀಸ್ ಅಧಿಕಾರಿಗಳು ಭೇಟಿ ನೀಡಿ ಪರಿಶೀಲನೆ ನಡೆಸಿದರು.

ಜಾತಿಯ ಕಾರಣಕ್ಕೆ ಪುತ್ರಿಯನ್ನು ತಂದೆಯೇ ಕತ್ತು ಹಿಸುಕಿ ಕೊಲೆ ಮಾಡಿ, ಸುಟ್ಟು ಹಾಕಿದ್ದು, ಆರೋಪಿ ಸಂಬಂಧಿಗಳೆಲ್ಲರನ್ನು ಬಂಧಿಸಲಾಗಿದೆ. ಪ್ರಕರಣದ ಕುರಿತು ಸಮಗ್ರ ತನಿಖೆ ನಡೆಸಲಾಗುತ್ತಿದೆ. ತಪ್ಪಿತಸ್ಥರಿಗೆ ತಕ್ಕ ಶಿಕ್ಷೆ ಕೊಡಿಸಲಾಗುವುದು.
■ ಡಾ.ಶರಣಪ್ಪ ಎಸ್.ಡಿ., ನಗರ ಪೊಲೀಸ್ ಆಯುಕ್ತ

ಪ್ರಕರಣಕ್ಕೆ ಸಂಬಂಧಿಸಿದಂತೆ ಯುವತಿಯ ತಂದೆ, ಸಹೋದರ ಹಾಗೂ ಸಂಬಂಧಿಕರನ್ನು ಪೊಲೀಸರು ಬಂಧಿಸಿದ್ದಾರೆ. ಆರೋಪಿಗಳ ವಿರುದ್ಧ ಕೊಲೆ ಹಾಗೂ ಸಾಕ್ಷ್ಯ ನಾಶ ಪ್ರಕರಣ ದಾಖಲಿಸಲಾಗಿದ್ದು, ಹೆಚ್ಚಿನ ತನಿಖೆ ಮುಂದುವರಿದಿದೆ.
